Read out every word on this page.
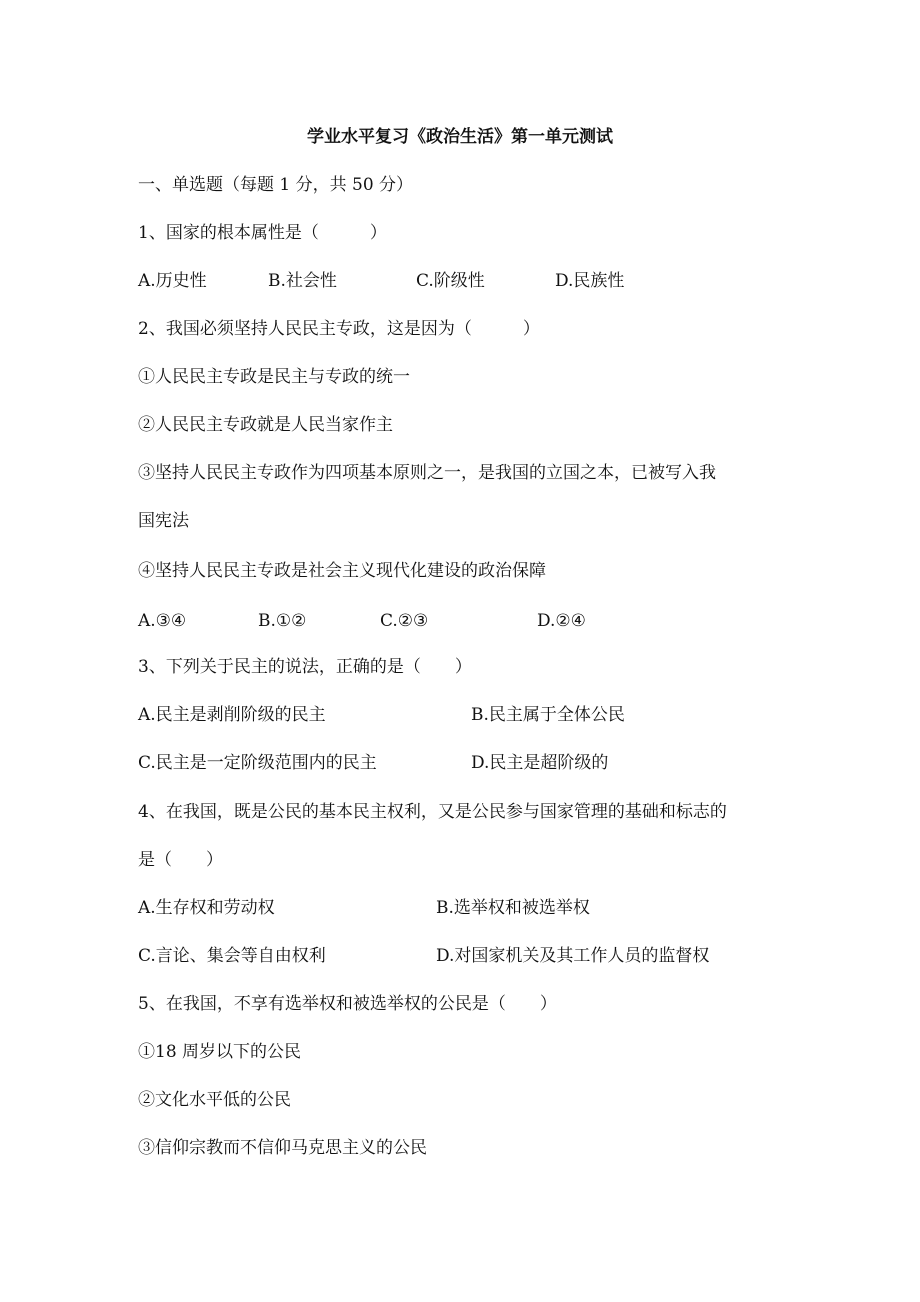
学业水平复习《政治生活》第一单元测试
一、单选题（每题 1 分，共 50 分）
1、国家的根本属性是（　　　）
A.历史性	B.社会性	C.阶级性	D.民族性
2、我国必须坚持人民民主专政，这是因为（　　　）
①人民民主专政是民主与专政的统一
②人民民主专政就是人民当家作主
③坚持人民民主专政作为四项基本原则之一，是我国的立国之本，已被写入我
国宪法
④坚持人民民主专政是社会主义现代化建设的政治保障
A.③④	B.①②	C.②③	D.②④
3、下列关于民主的说法，正确的是（　　）
A.民主是剥削阶级的民主	B.民主属于全体公民
C.民主是一定阶级范围内的民主	D.民主是超阶级的
4、在我国，既是公民的基本民主权利，又是公民参与国家管理的基础和标志的
是（　　）
A.生存权和劳动权	B.选举权和被选举权
C.言论、集会等自由权利	D.对国家机关及其工作人员的监督权
5、在我国，不享有选举权和被选举权的公民是（　　）
①18 周岁以下的公民
②文化水平低的公民
③信仰宗教而不信仰马克思主义的公民
